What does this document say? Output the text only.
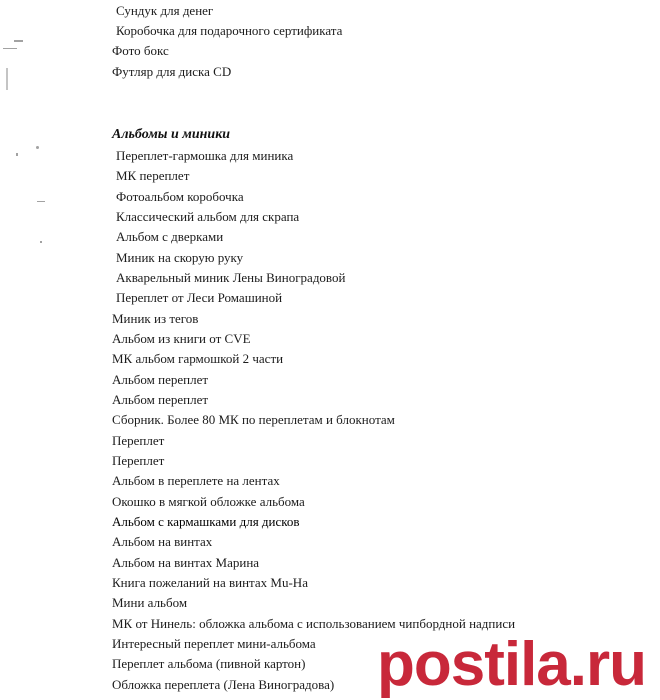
Сундук для денег
Коробочка для подарочного сертификата
Фото бокс
Футляр для диска CD
Альбомы и миники
Переплет-гармошка для миника
МК переплет
Фотоальбом коробочка
Классический альбом для скрапа
Альбом с дверками
Миник на скорую руку
Акварельный миник Лены Виноградовой
Переплет от Леси Ромашиной
Миник из тегов
Альбом из книги от CVE
МК альбом гармошкой 2 части
Альбом переплет
Альбом переплет
Сборник. Более 80 МК по переплетам и блокнотам
Переплет
Переплет
Альбом в переплете на лентах
Окошко в мягкой обложке альбома
Альбом с кармашками для дисков
Альбом на винтах
Альбом на винтах Марина
Книга пожеланий на винтах Mu-Ha
Мини альбом
МК от Нинель: обложка альбома с использованием чипбордной надписи
Интересный переплет мини-альбома
Переплет альбома (пивной картон)
Обложка переплета (Лена Виноградова) postila.ru
